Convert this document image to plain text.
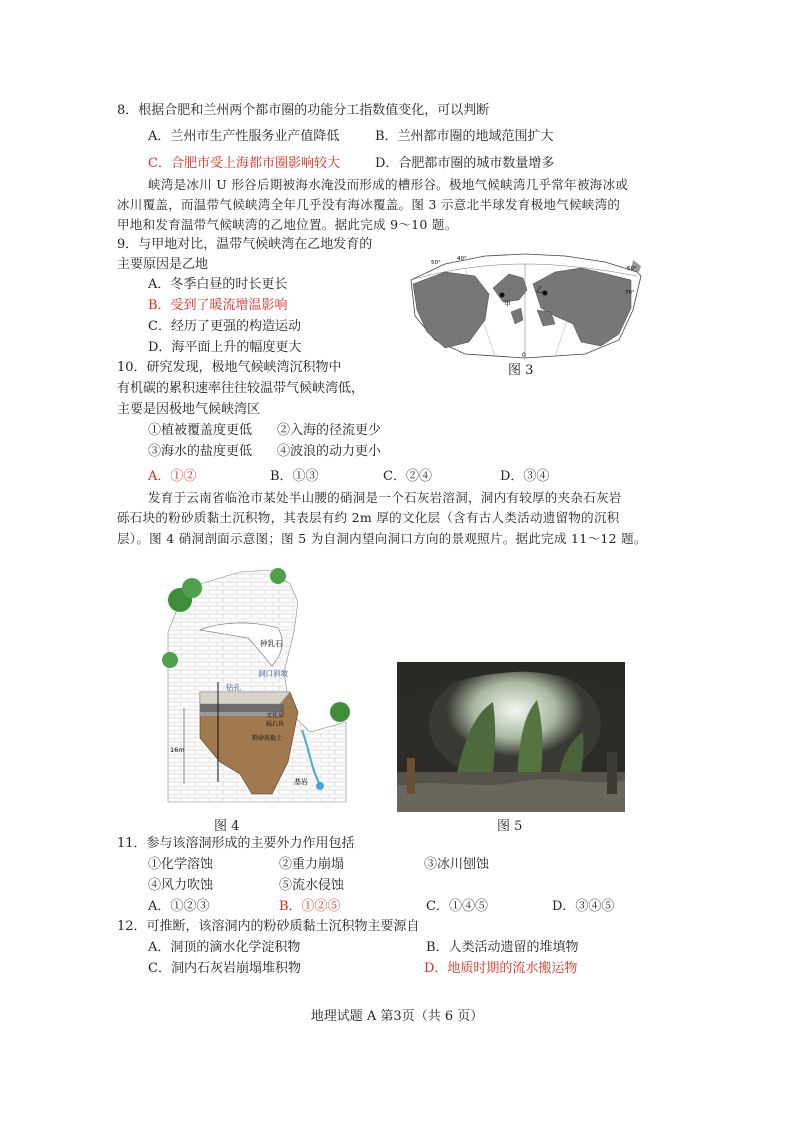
8．根据合肥和兰州两个都市圈的功能分工指数值变化，可以判断
A．兰州市生产性服务业产值降低	B．兰州都市圈的地域范围扩大
C．合肥市受上海都市圈影响较大	D．合肥都市圈的城市数量增多
峡湾是冰川 U 形谷后期被海水淹没而形成的槽形谷。极地气候峡湾几乎常年被海冰或
冰川覆盖，而温带气候峡湾全年几乎没有海冰覆盖。图 3 示意北半球发育极地气候峡湾的
甲地和发育温带气候峡湾的乙地位置。据此完成 9～10 题。
9．与甲地对比，温带气候峡湾在乙地发育的
主要原因是乙地
A．冬季白昼的时长更长
B．受到了暖流增温影响
C．经历了更强的构造运动
D．海平面上升的幅度更大
甲
乙
0
60°
70°
50°
40°
图 3
10．研究发现，极地气候峡湾沉积物中
有机碳的累积速率往往较温带气候峡湾低，
主要是因极地气候峡湾区
①植被覆盖度更低 ②入海的径流更少
③海水的盐度更低 ④波浪的动力更小
A．①②	B．①③	C．②④	D．③④
发育于云南省临沧市某处半山腰的硝洞是一个石灰岩溶洞，洞内有较厚的夹杂石灰岩
砾石块的粉砂质黏土沉积物，其表层有约 2m 厚的文化层（含有古人类活动遗留物的沉积
层）。图 4 硝洞剖面示意图；图 5 为自洞内望向洞口方向的景观照片。据此完成 11～12 题。
钟乳石
洞口斜坡
钻孔
文化层
砾石块
粉砂质黏土
16m
基岩
图 4	图 5
11．参与该溶洞形成的主要外力作用包括
①化学溶蚀	②重力崩塌	③冰川刨蚀
④风力吹蚀	⑤流水侵蚀
A．①②③	B．①②⑤	C．①④⑤	D．③④⑤
12．可推断，该溶洞内的粉砂质黏土沉积物主要源自
A．洞顶的滴水化学淀积物	B．人类活动遗留的堆填物
C．洞内石灰岩崩塌堆积物	D．地质时期的流水搬运物
地理试题 A 第3页（共 6 页）
